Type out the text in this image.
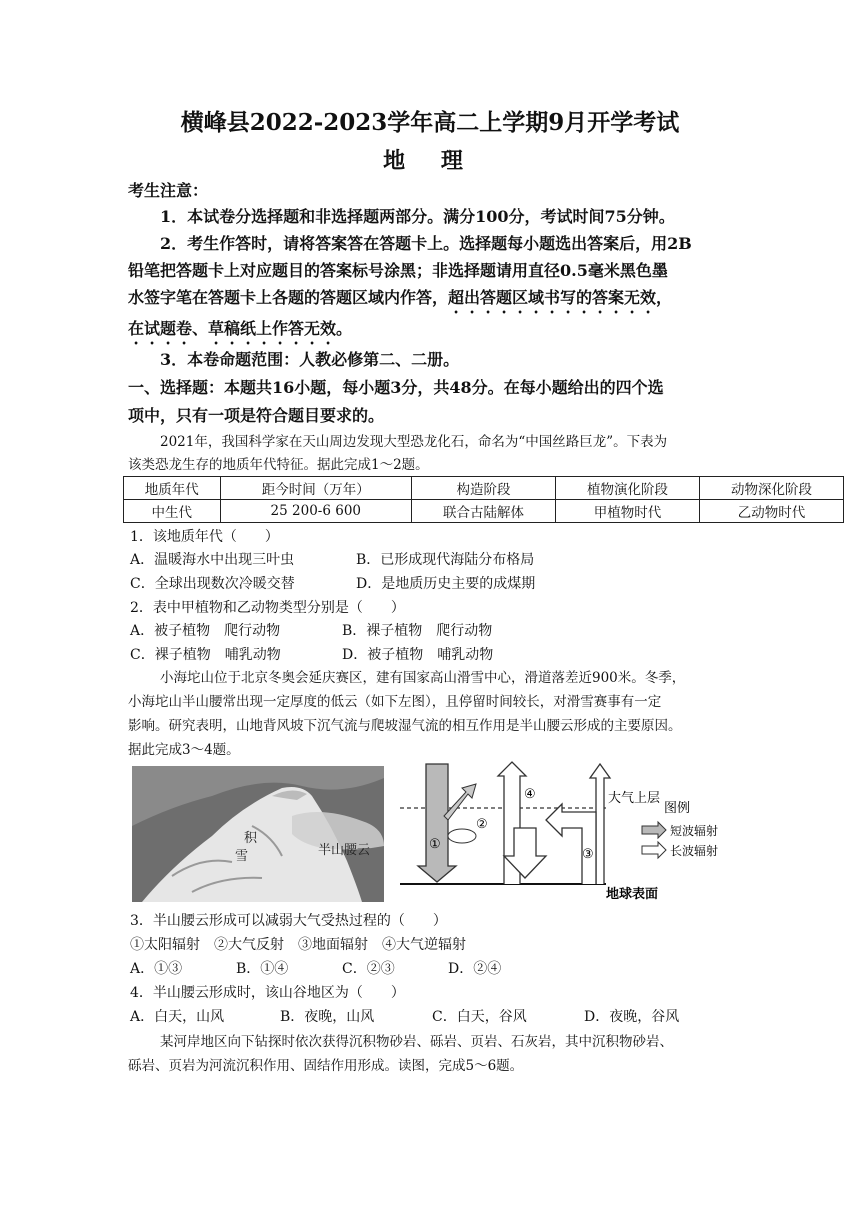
横峰县2022-2023学年高二上学期9月开学考试
地 理
考生注意：
1．本试卷分选择题和非选择题两部分。满分100分，考试时间75分钟。
2．考生作答时，请将答案答在答题卡上。选择题每小题选出答案后，用2B
铅笔把答题卡上对应题目的答案标号涂黑；非选择题请用直径0.5毫米黑色墨
水签字笔在答题卡上各题的答题区域内作答，超出答题区域书写的答案无效，
在试题卷、草稿纸上作答无效。
3．本卷命题范围：人教必修第二、二册。
一、选择题：本题共16小题，每小题3分，共48分。在每小题给出的四个选
项中，只有一项是符合题目要求的。
2021年，我国科学家在天山周边发现大型恐龙化石，命名为“中国丝路巨龙”。下表为
该类恐龙生存的地质年代特征。据此完成1～2题。
地质年代	距今时间（万年）	构造阶段	植物演化阶段	动物深化阶段
中生代	25 200-6 600	联合古陆解体	甲植物时代	乙动物时代
1．该地质年代（　　）
A．温暖海水中出现三叶虫	B．已形成现代海陆分布格局
C．全球出现数次冷暖交替	D．是地质历史主要的成煤期
2．表中甲植物和乙动物类型分别是（　　）
A．被子植物　爬行动物	B．裸子植物　爬行动物
C．裸子植物　哺乳动物	D．被子植物　哺乳动物
小海坨山位于北京冬奥会延庆赛区，建有国家高山滑雪中心，滑道落差近900米。冬季，
小海坨山半山腰常出现一定厚度的低云（如下左图），且停留时间较长，对滑雪赛事有一定
影响。研究表明，山地背风坡下沉气流与爬坡湿气流的相互作用是半山腰云形成的主要原因。
据此完成3～4题。
积
雪	半山腰云	①
②
③
④	大气上层
地球表面
图例
短波辐射
长波辐射
3．半山腰云形成可以减弱大气受热过程的（　　）
①太阳辐射　②大气反射　③地面辐射　④大气逆辐射
A．①③	B．①④	C．②③	D．②④
4．半山腰云形成时，该山谷地区为（　　）
A．白天，山风	B．夜晚，山风	C．白天，谷风	D．夜晚，谷风
某河岸地区向下钻探时依次获得沉积物砂岩、砾岩、页岩、石灰岩，其中沉积物砂岩、
砾岩、页岩为河流沉积作用、固结作用形成。读图，完成5～6题。
